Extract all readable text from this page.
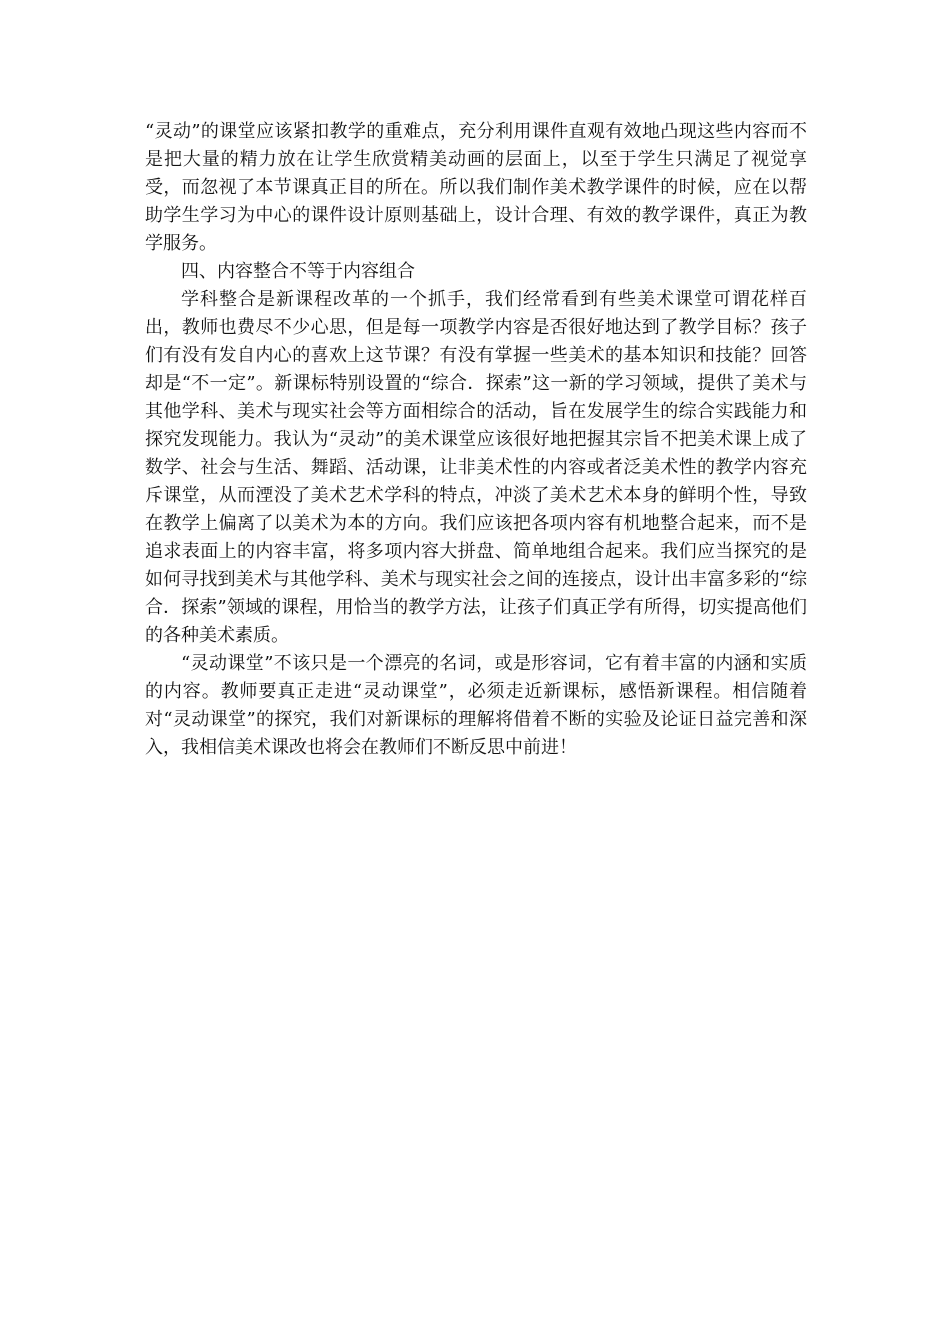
“灵动”的课堂应该紧扣教学的重难点，充分利用课件直观有效地凸现这些内容而不是把大量的精力放在让学生欣赏精美动画的层面上，以至于学生只满足了视觉享受，而忽视了本节课真正目的所在。所以我们制作美术教学课件的时候，应在以帮助学生学习为中心的课件设计原则基础上，设计合理、有效的教学课件，真正为教学服务。

四、内容整合不等于内容组合

学科整合是新课程改革的一个抓手，我们经常看到有些美术课堂可谓花样百出，教师也费尽不少心思，但是每一项教学内容是否很好地达到了教学目标？孩子们有没有发自内心的喜欢上这节课？有没有掌握一些美术的基本知识和技能？回答却是“不一定”。新课标特别设置的“综合．探索”这一新的学习领域，提供了美术与其他学科、美术与现实社会等方面相综合的活动，旨在发展学生的综合实践能力和探究发现能力。我认为“灵动”的美术课堂应该很好地把握其宗旨不把美术课上成了数学、社会与生活、舞蹈、活动课，让非美术性的内容或者泛美术性的教学内容充斥课堂，从而湮没了美术艺术学科的特点，冲淡了美术艺术本身的鲜明个性，导致在教学上偏离了以美术为本的方向。我们应该把各项内容有机地整合起来，而不是追求表面上的内容丰富，将多项内容大拼盘、简单地组合起来。我们应当探究的是如何寻找到美术与其他学科、美术与现实社会之间的连接点，设计出丰富多彩的“综合．探索”领域的课程，用恰当的教学方法，让孩子们真正学有所得，切实提高他们的各种美术素质。

“灵动课堂”不该只是一个漂亮的名词，或是形容词，它有着丰富的内涵和实质的内容。教师要真正走进“灵动课堂”，必须走近新课标，感悟新课程。相信随着对“灵动课堂”的探究，我们对新课标的理解将借着不断的实验及论证日益完善和深入，我相信美术课改也将会在教师们不断反思中前进！
